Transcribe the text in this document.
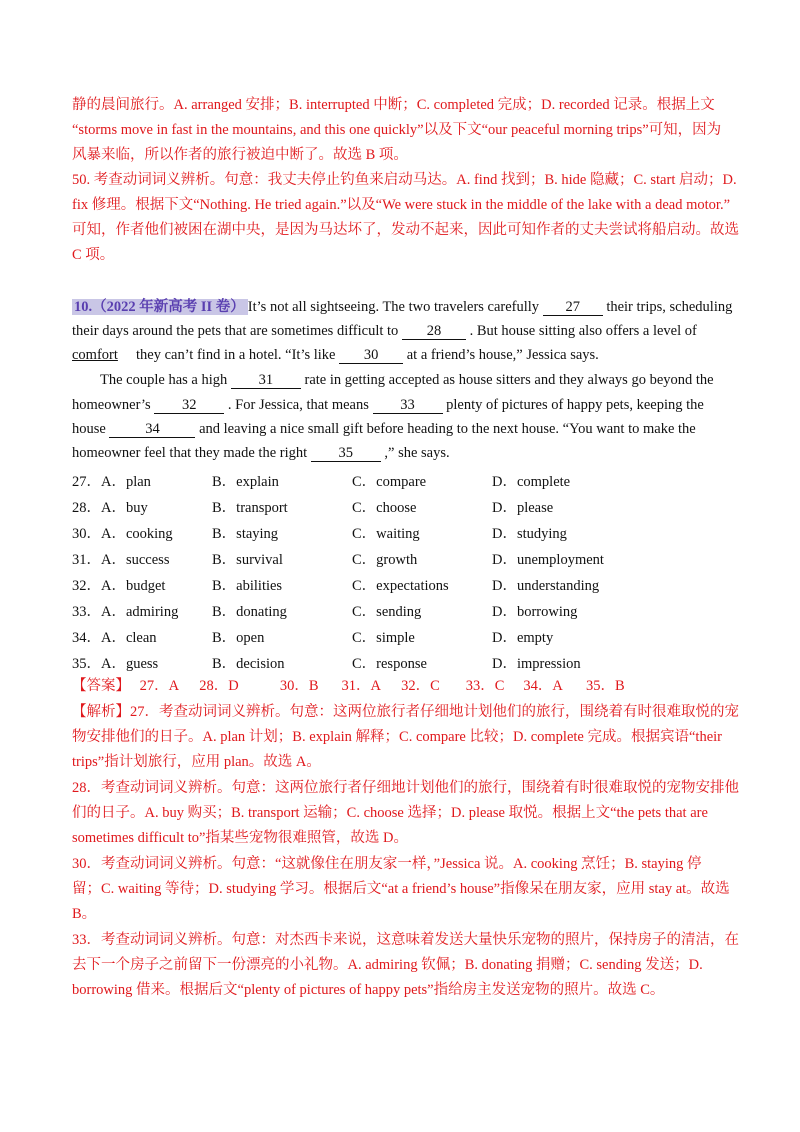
静的晨间旅行。A. arranged 安排；B. interrupted 中断；C. completed 完成；D. recorded 记录。根据上文
“storms move in fast in the mountains, and this one quickly”以及下文“our peaceful morning trips”可知，因为
风暴来临，所以作者的旅行被迫中断了。故选 B 项。
50. 考查动词词义辨析。句意：我丈夫停止钓鱼来启动马达。A. find 找到；B. hide 隐藏；C. start 启动；D.
fix 修理。根据下文“Nothing. He tried again.”以及“We were stuck in the middle of the lake with a dead motor.”
可知，作者他们被困在湖中央，是因为马达坏了，发动不起来，因此可知作者的丈夫尝试将船启动。故选
C 项。
10.（2022 年新高考 II 卷） It’s not all sightseeing. The two travelers carefully 27 their trips, scheduling
their days around the pets that are sometimes difficult to 28 . But house sitting also offers a level of
comfort they can’t find in a hotel. “It’s like 30 at a friend’s house,” Jessica says.
The couple has a high 31 rate in getting accepted as house sitters and they always go beyond the
homeowner’s 32 . For Jessica, that means 33 plenty of pictures of happy pets, keeping the
house	34	and leaving a nice small gift before heading to the next house. “You want to make the
homeowner feel that they made the right 35 ,” she says.
27．A．plan	B．explain	C．compare	D．complete
28．A．buy	B．transport	C．choose	D．please
30．A．cooking	B．staying	C．waiting	D．studying
31．A．success	B．survival	C．growth	D．unemployment
32．A．budget	B．abilities	C．expectations	D．understanding
33．A．admiring B．donating	C．sending	D．borrowing
34．A．clean	B．open	C．simple	D．empty
35．A．guess	B．decision	C．response	D．impression
【答案】 27．A 28．D	30．B 31．A 32．C 33．C 34．A 35．B
【解析】27．考查动词词义辨析。句意：这两位旅行者仔细地计划他们的旅行，围绕着有时很难取悦的宠
物安排他们的日子。A. plan 计划；B. explain 解释；C. compare 比较；D. complete 完成。根据宾语“their
trips”指计划旅行，应用 plan。故选 A。
28．考查动词词义辨析。句意：这两位旅行者仔细地计划他们的旅行，围绕着有时很难取悦的宠物安排他
们的日子。A. buy 购买；B. transport 运输；C. choose 选择；D. please 取悦。根据上文“the pets that are
sometimes difficult to”指某些宠物很难照管，故选 D。
30．考查动词词义辨析。句意：“这就像住在朋友家一样，”Jessica 说。A. cooking 烹饪；B. staying 停
留；C. waiting 等待；D. studying 学习。根据后文“at a friend’s house”指像呆在朋友家，应用 stay at。故选
B。
33．考查动词词义辨析。句意：对杰西卡来说，这意味着发送大量快乐宠物的照片，保持房子的清洁，在
去下一个房子之前留下一份漂亮的小礼物。A. admiring 钦佩；B. donating 捐赠；C. sending 发送；D.
borrowing 借来。根据后文“plenty of pictures of happy pets”指给房主发送宠物的照片。故选 C。
